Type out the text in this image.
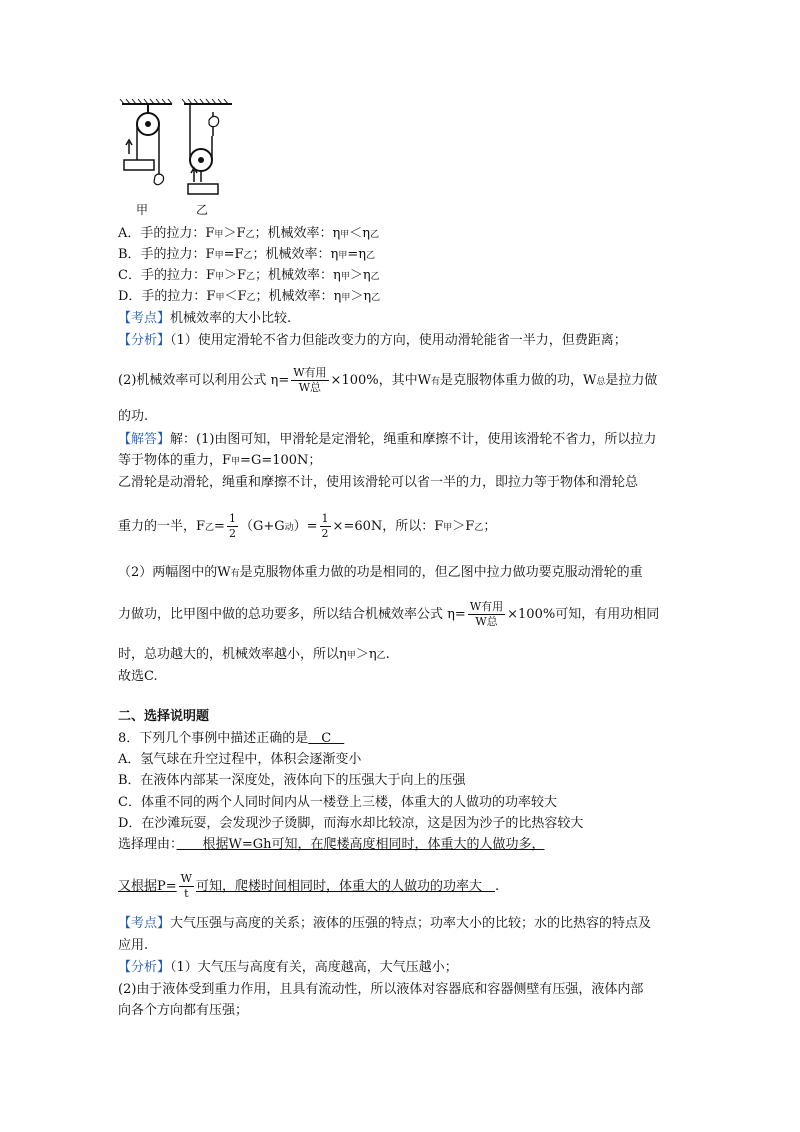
甲	乙
A．手的拉力：F甲＞F乙；机械效率：η甲＜η乙
B．手的拉力：F甲=F乙；机械效率：η甲=η乙
C．手的拉力：F甲＞F乙；机械效率：η甲＞η乙
D．手的拉力：F甲＜F乙；机械效率：η甲＞η乙
【考点】机械效率的大小比较.
【分析】（1）使用定滑轮不省力但能改变力的方向，使用动滑轮能省一半力，但费距离；
(2)机械效率可以利用公式 $\eta= \frac{\text{W有用}}{\text{W总}} \times 100\%$，其中W有是克服物体重力做的功，W总是拉力做
的功.
【解答】解：(1)由图可知，甲滑轮是定滑轮，绳重和摩擦不计，使用该滑轮不省力，所以拉力
等于物体的重力，F甲=G=100N；
乙滑轮是动滑轮，绳重和摩擦不计，使用该滑轮可以省一半的力，即拉力等于物体和滑轮总
重力的一半，F乙= $\frac{1}{2} (G+G$动）= $\frac{1}{2} \times=60N$，所以：F甲＞F乙；
（2）两幅图中的W有是克服物体重力做的功是相同的，但乙图中拉力做功要克服动滑轮的重
力做功，比甲图中做的总功要多，所以结合机械效率公式 $\eta= \frac{\text{W有用}}{\text{W总}} \times 100\%$可知，有用功相同
时，总功越大的，机械效率越小，所以η甲＞η乙.
故选C.
二、选择说明题
8．下列几个事例中描述正确的是　C　
A．氢气球在升空过程中，体积会逐渐变小
B．在液体内部某一深度处，液体向下的压强大于向上的压强
C．体重不同的两个人同时间内从一楼登上三楼，体重大的人做功的功率较大
D．在沙滩玩耍，会发现沙子烫脚，而海水却比较凉，这是因为沙子的比热容较大
选择理由：　　根据W=Gh可知，在爬楼高度相同时，体重大的人做功多，
又根据$P= \frac{W}{t}$ 可知，爬楼时间相同时，体重大的人做功的功率大　.
【考点】大气压强与高度的关系；液体的压强的特点；功率大小的比较；水的比热容的特点及
应用.
【分析】（1）大气压与高度有关，高度越高，大气压越小；
(2)由于液体受到重力作用，且具有流动性，所以液体对容器底和容器侧壁有压强，液体内部
向各个方向都有压强；
